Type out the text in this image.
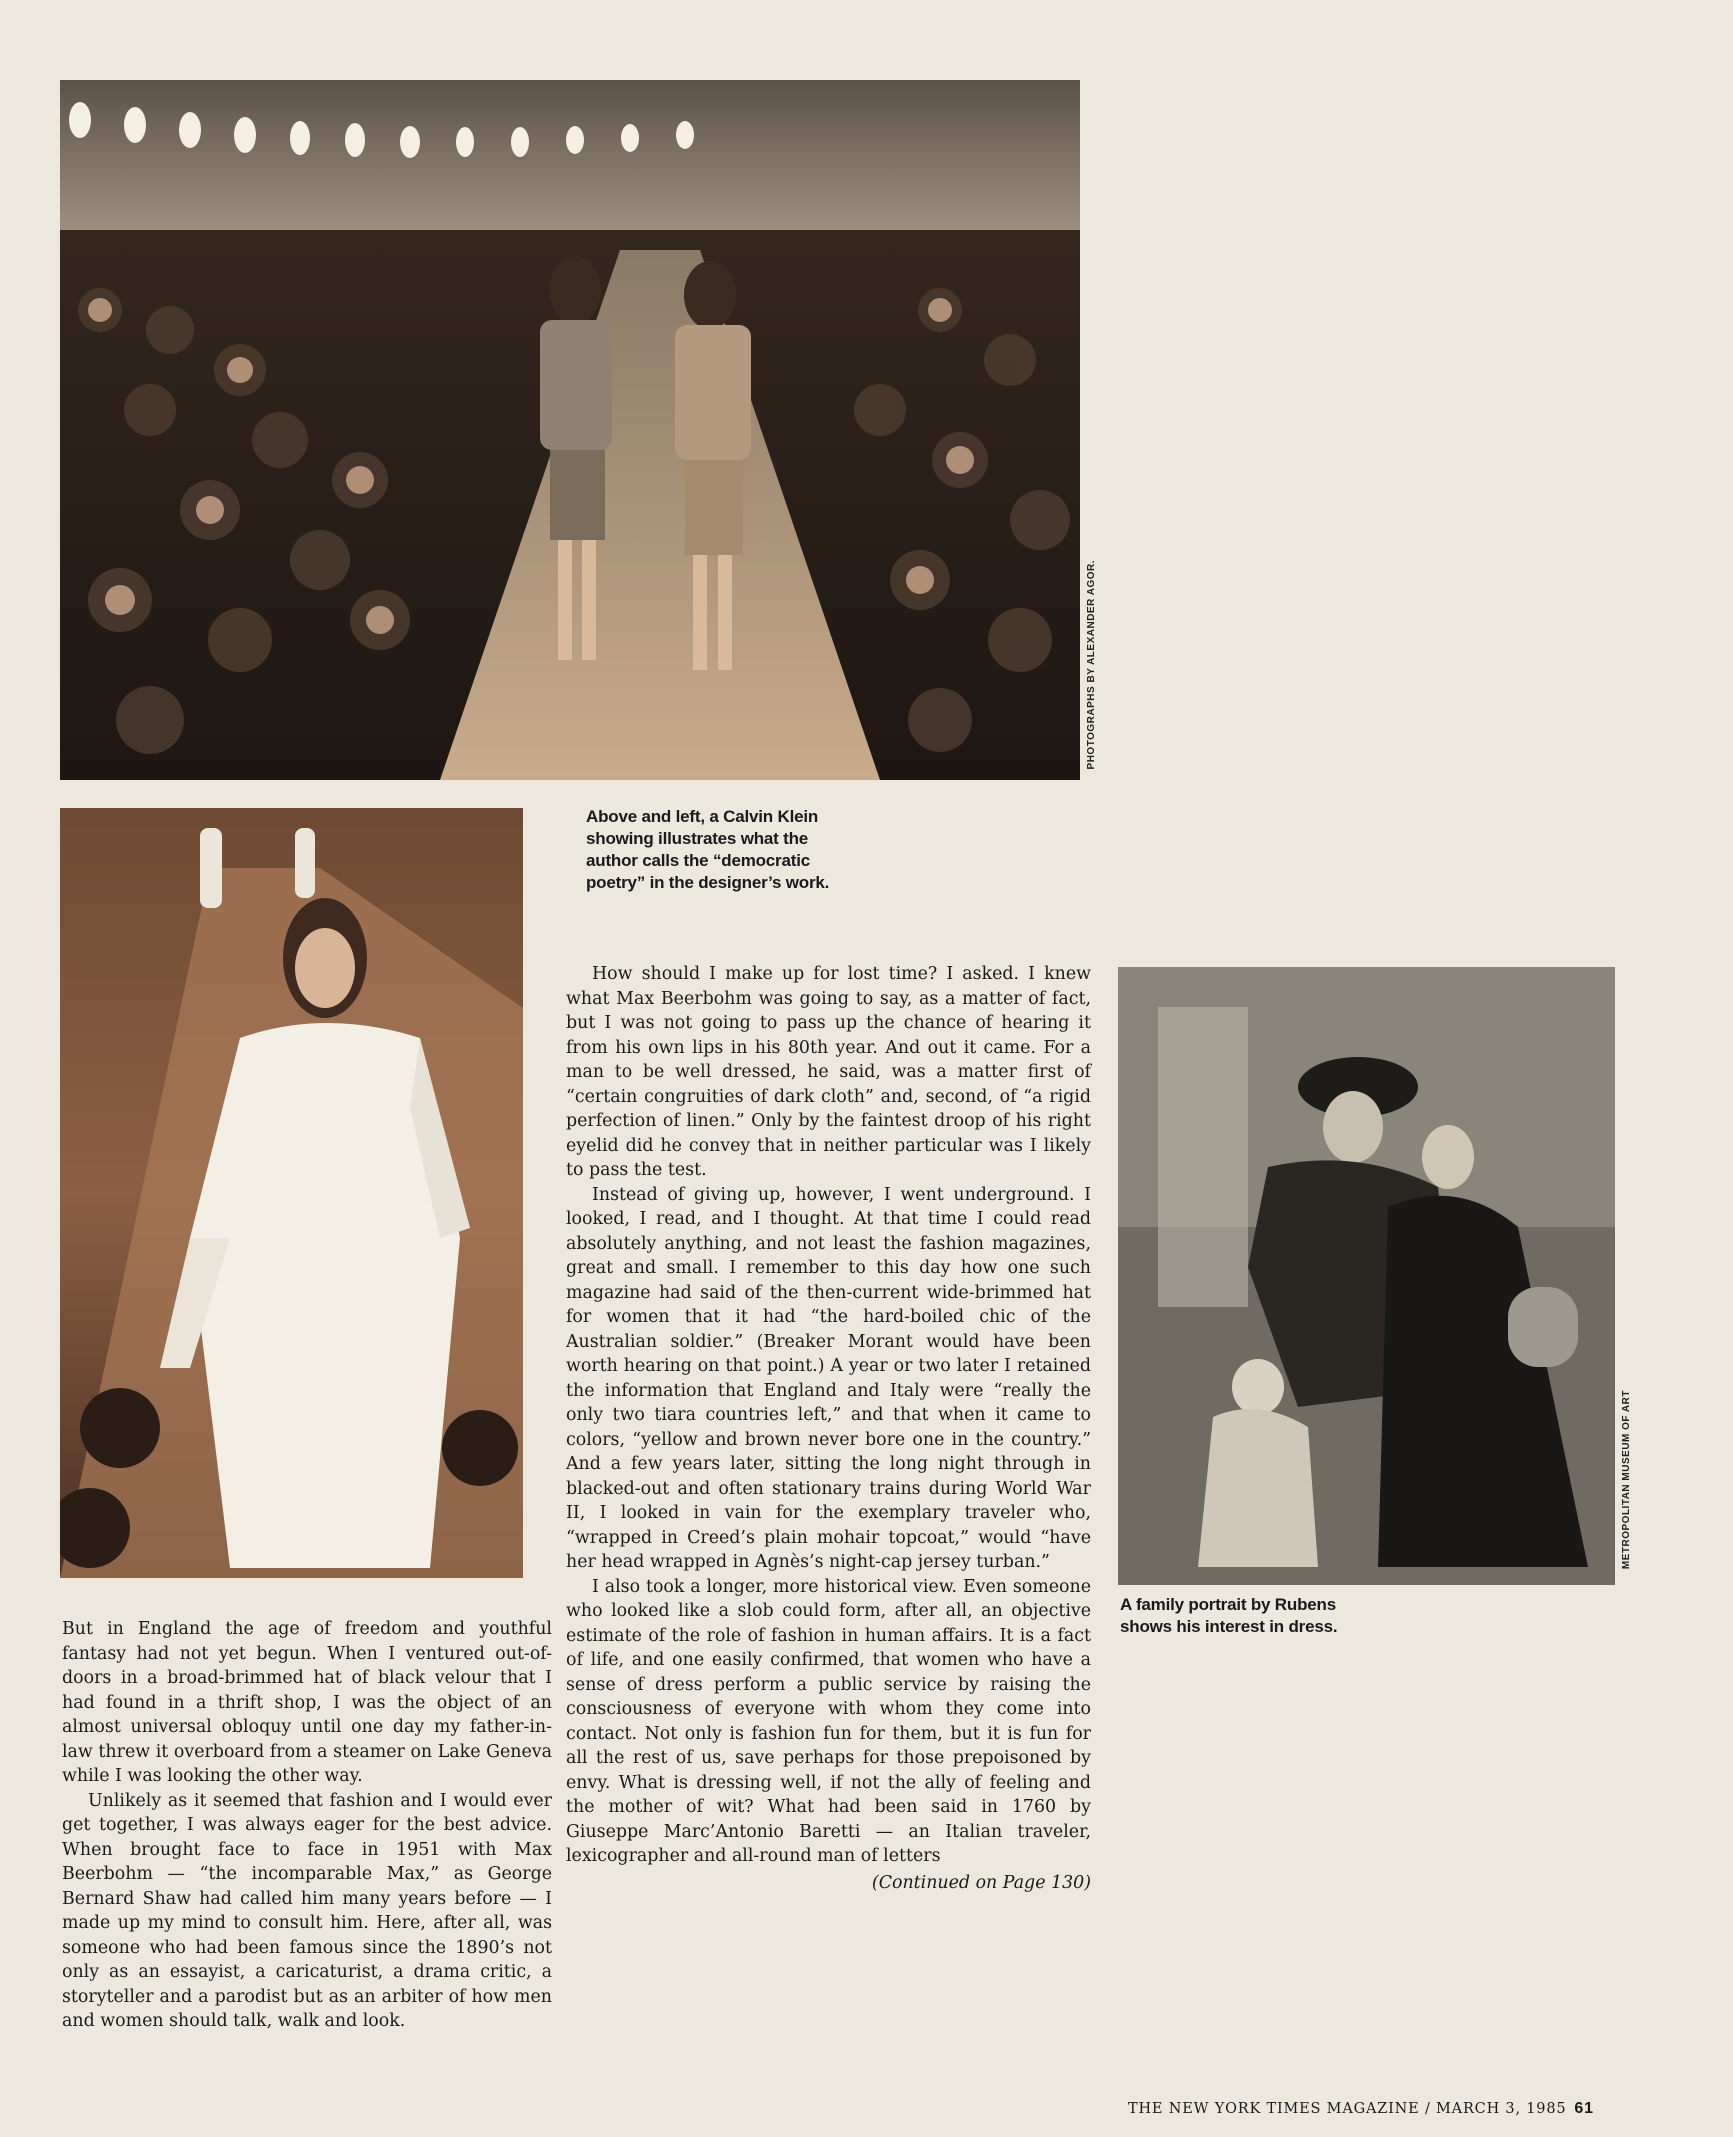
PHOTOGRAPHS BY ALEXANDER AGOR.
Above and left, a Calvin Klein showing illustrates what the author calls the “democratic poetry” in the designer’s work.
METROPOLITAN MUSEUM OF ART
A family portrait by Rubens shows his interest in dress.

But in England the age of freedom and youthful fantasy had not yet begun. When I ventured out-of-doors in a broad-brimmed hat of black velour that I had found in a thrift shop, I was the object of an almost universal obloquy until one day my father-in-law threw it overboard from a steamer on Lake Geneva while I was looking the other way.

Unlikely as it seemed that fashion and I would ever get together, I was always eager for the best advice. When brought face to face in 1951 with Max Beerbohm — “the incomparable Max,” as George Bernard Shaw had called him many years before — I made up my mind to consult him. Here, after all, was someone who had been famous since the 1890’s not only as an essayist, a caricaturist, a drama critic, a storyteller and a parodist but as an arbiter of how men and women should talk, walk and look.

How should I make up for lost time? I asked. I knew what Max Beerbohm was going to say, as a matter of fact, but I was not going to pass up the chance of hearing it from his own lips in his 80th year. And out it came. For a man to be well dressed, he said, was a matter first of “certain congruities of dark cloth” and, second, of “a rigid perfection of linen.” Only by the faintest droop of his right eyelid did he convey that in neither particular was I likely to pass the test.

Instead of giving up, however, I went underground. I looked, I read, and I thought. At that time I could read absolutely anything, and not least the fashion magazines, great and small. I remember to this day how one such magazine had said of the then-current wide-brimmed hat for women that it had “the hard-boiled chic of the Australian soldier.” (Breaker Morant would have been worth hearing on that point.) A year or two later I retained the information that England and Italy were “really the only two tiara countries left,” and that when it came to colors, “yellow and brown never bore one in the country.” And a few years later, sitting the long night through in blacked-out and often stationary trains during World War II, I looked in vain for the exemplary traveler who, “wrapped in Creed’s plain mohair topcoat,” would “have her head wrapped in Agnès’s night-cap jersey turban.”

I also took a longer, more historical view. Even someone who looked like a slob could form, after all, an objective estimate of the role of fashion in human affairs. It is a fact of life, and one easily confirmed, that women who have a sense of dress perform a public service by raising the consciousness of everyone with whom they come into contact. Not only is fashion fun for them, but it is fun for all the rest of us, save perhaps for those prepoisoned by envy. What is dressing well, if not the ally of feeling and the mother of wit? What had been said in 1760 by Giuseppe Marc’Antonio Baretti — an Italian traveler, lexicographer and all-round man of letters

(Continued on Page 130)
THE NEW YORK TIMES MAGAZINE / MARCH 3, 1985 61
